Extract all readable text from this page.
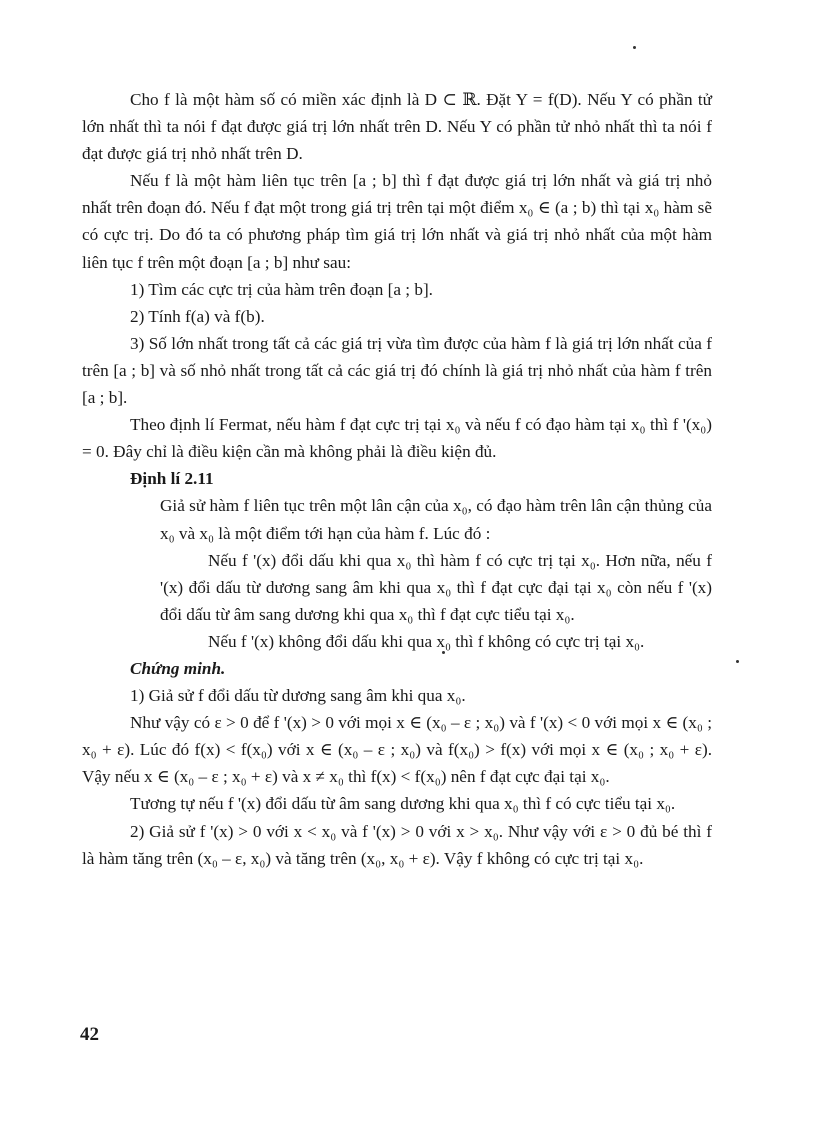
Cho f là một hàm số có miền xác định là D ⊂ ℝ. Đặt Y = f(D). Nếu Y có phần tử lớn nhất thì ta nói f đạt được giá trị lớn nhất trên D. Nếu Y có phần tử nhỏ nhất thì ta nói f đạt được giá trị nhỏ nhất trên D.

Nếu f là một hàm liên tục trên [a ; b] thì f đạt được giá trị lớn nhất và giá trị nhỏ nhất trên đoạn đó. Nếu f đạt một trong giá trị trên tại một điểm x₀ ∈ (a ; b) thì tại x₀ hàm sẽ có cực trị. Do đó ta có phương pháp tìm giá trị lớn nhất và giá trị nhỏ nhất của một hàm liên tục f trên một đoạn [a ; b] như sau:

1) Tìm các cực trị của hàm trên đoạn [a ; b].

2) Tính f(a) và f(b).

3) Số lớn nhất trong tất cả các giá trị vừa tìm được của hàm f là giá trị lớn nhất của f trên [a ; b] và số nhỏ nhất trong tất cả các giá trị đó chính là giá trị nhỏ nhất của hàm f trên [a ; b].

Theo định lí Fermat, nếu hàm f đạt cực trị tại x₀ và nếu f có đạo hàm tại x₀ thì f '(x₀) = 0. Đây chỉ là điều kiện cần mà không phải là điều kiện đủ.

Định lí 2.11

Giả sử hàm f liên tục trên một lân cận của x₀, có đạo hàm trên lân cận thủng của x₀ và x₀ là một điểm tới hạn của hàm f. Lúc đó :

Nếu f '(x) đổi dấu khi qua x₀ thì hàm f có cực trị tại x₀. Hơn nữa, nếu f '(x) đổi dấu từ dương sang âm khi qua x₀ thì f đạt cực đại tại x₀ còn nếu f '(x) đổi dấu từ âm sang dương khi qua x₀ thì f đạt cực tiểu tại x₀.

Nếu f '(x) không đổi dấu khi qua x₀ thì f không có cực trị tại x₀.

Chứng minh.

1) Giả sử f đổi dấu từ dương sang âm khi qua x₀.

Như vậy có ε > 0 để f '(x) > 0 với mọi x ∈ (x₀ – ε ; x₀) và f '(x) < 0 với mọi x ∈ (x₀ ; x₀ + ε). Lúc đó f(x) < f(x₀) với x ∈ (x₀ – ε ; x₀) và f(x₀) > f(x) với mọi x ∈ (x₀ ; x₀ + ε). Vậy nếu x ∈ (x₀ – ε ; x₀ + ε) và x ≠ x₀ thì f(x) < f(x₀) nên f đạt cực đại tại x₀.

Tương tự nếu f '(x) đổi dấu từ âm sang dương khi qua x₀ thì f có cực tiểu tại x₀.

2) Giả sử f '(x) > 0 với x < x₀ và f '(x) > 0 với x > x₀. Như vậy với ε > 0 đủ bé thì f là hàm tăng trên (x₀ – ε, x₀) và tăng trên (x₀, x₀ + ε). Vậy f không có cực trị tại x₀.

42
